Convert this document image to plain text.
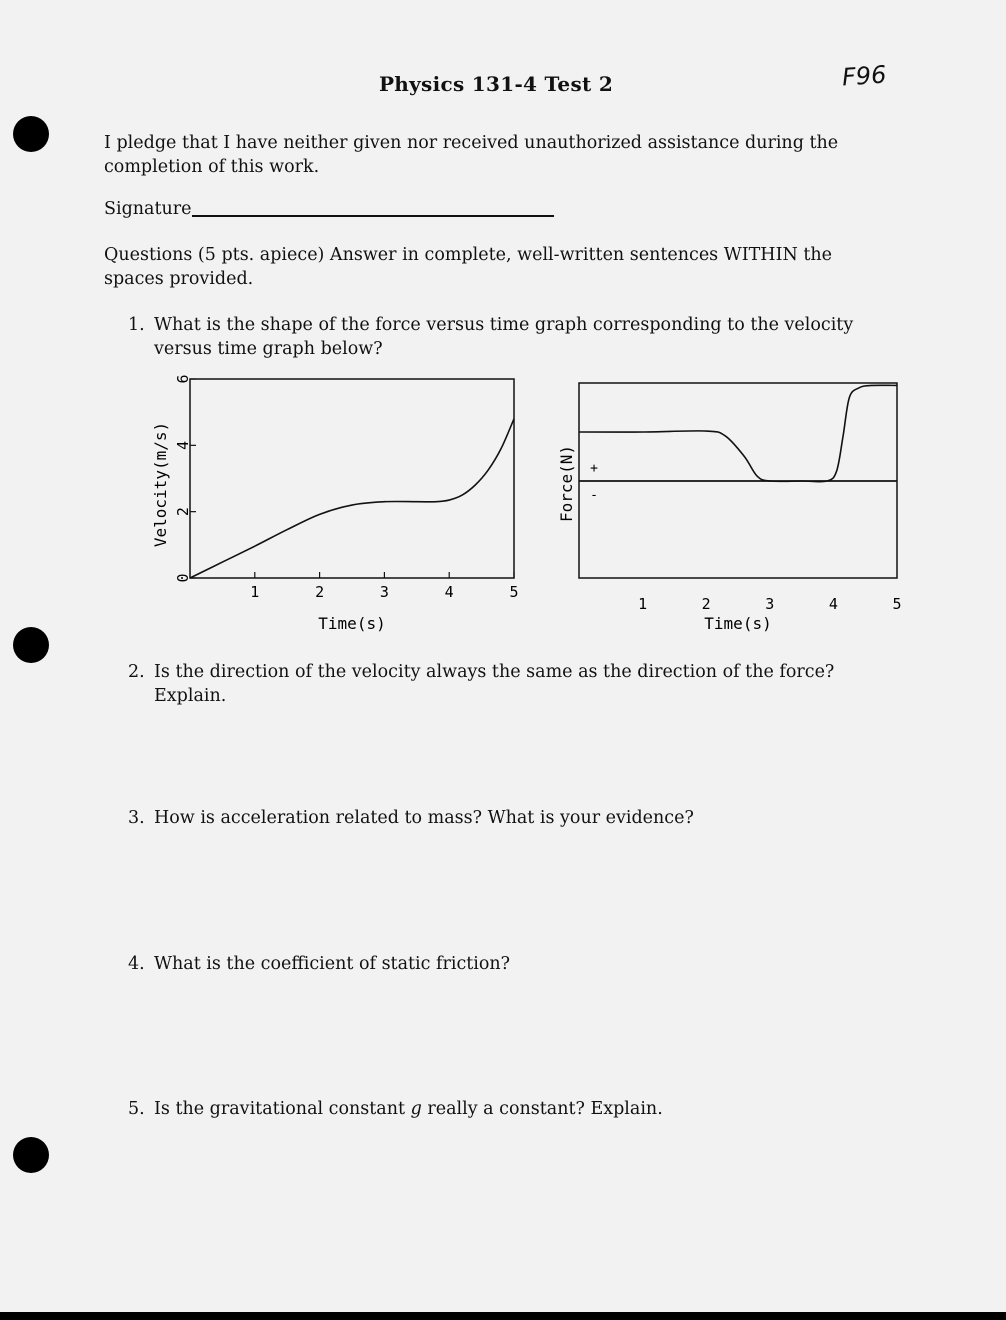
Physics 131-4 Test 2	F96
I pledge that I have neither given nor received unauthorized assistance during the completion of this work.
Signature
Questions (5 pts. apiece) Answer in complete, well-written sentences WITHIN the spaces provided.
1. What is the shape of the force versus time graph corresponding to the velocity versus time graph below?
1	2	3	4	5
0
2
4
6
Time(s)
Velocity(m/s)
1	2	3	4	5
+
-
Time(s)
Force(N)
2. Is the direction of the velocity always the same as the direction of the force? Explain.
3. How is acceleration related to mass? What is your evidence?
4. What is the coefficient of static friction?
5. Is the gravitational constant g really a constant? Explain.
